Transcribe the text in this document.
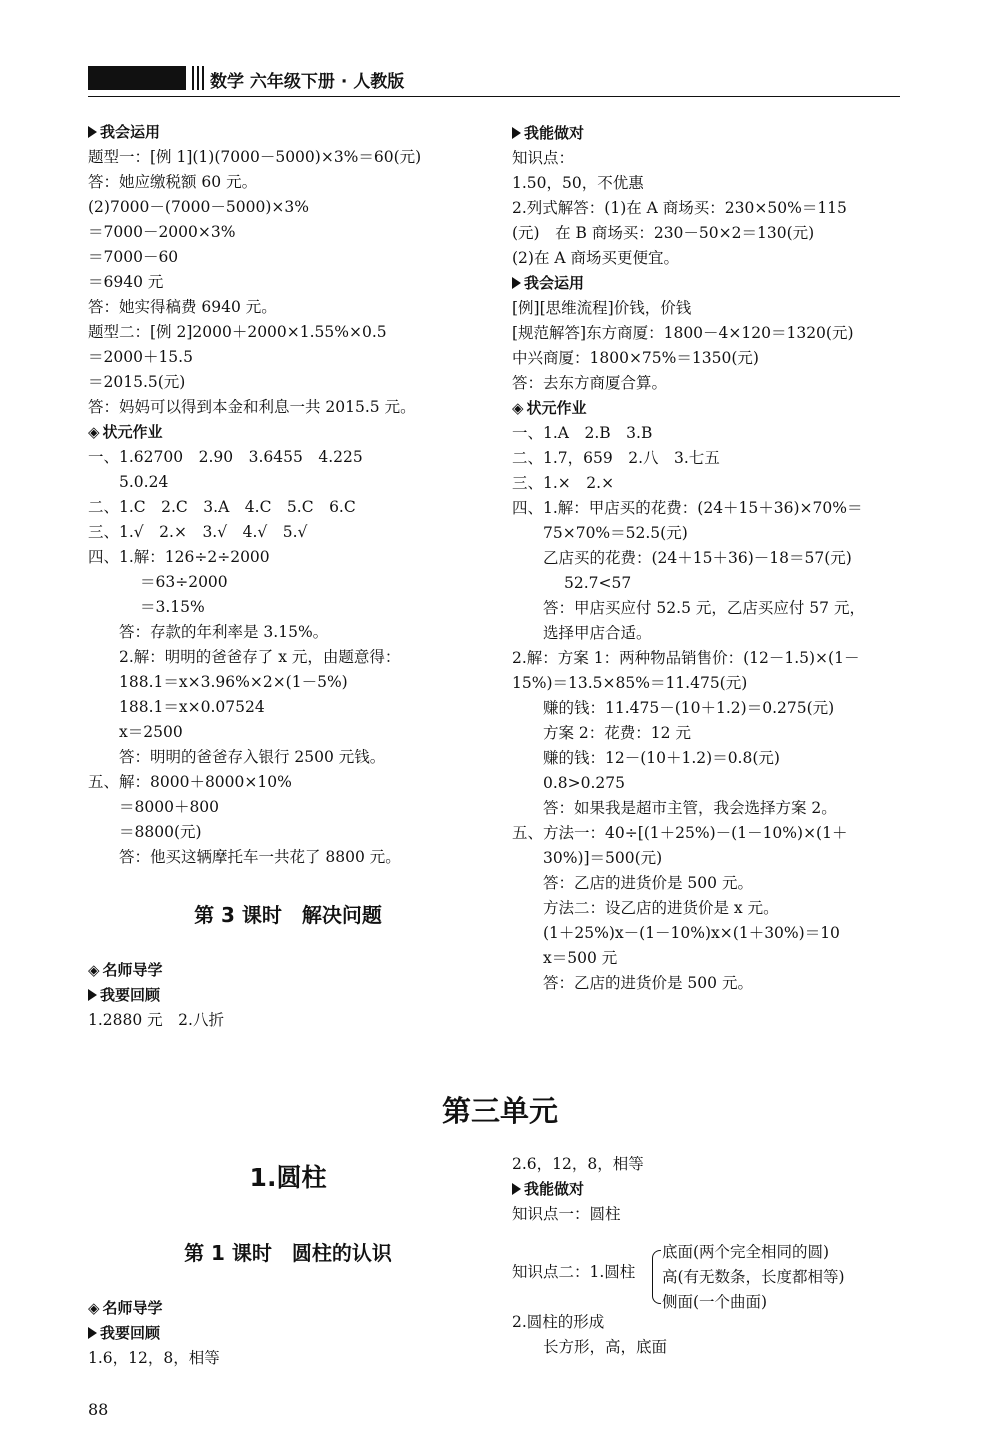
数学 六年级下册 · 人教版
我会运用
题型一：[例 1](1)(7000－5000)×3%＝60(元)
答：她应缴税额 60 元。
(2)7000－(7000－5000)×3%
＝7000－2000×3%
＝7000－60
＝6940 元
答：她实得稿费 6940 元。
题型二：[例 2]2000＋2000×1.55%×0.5
＝2000＋15.5
＝2015.5(元)
答：妈妈可以得到本金和利息一共 2015.5 元。
◈ 状元作业
一、1.62700　2.90　3.6455　4.225
5.0.24
二、1.C　2.C　3.A　4.C　5.C　6.C
三、1.√　2.×　3.√　4.√　5.√
四、1.解：126÷2÷2000
＝63÷2000
＝3.15%
答：存款的年利率是 3.15%。
2.解：明明的爸爸存了 x 元，由题意得：
188.1＝x×3.96%×2×(1－5%)
188.1＝x×0.07524
x＝2500
答：明明的爸爸存入银行 2500 元钱。
五、解：8000＋8000×10%
＝8000＋800
＝8800(元)
答：他买这辆摩托车一共花了 8800 元。
我能做对
知识点：
1.50，50，不优惠
2.列式解答：(1)在 A 商场买：230×50%＝115
(元)　在 B 商场买：230－50×2＝130(元)
(2)在 A 商场买更便宜。
我会运用
[例][思维流程]价钱，价钱
[规范解答]东方商厦：1800－4×120＝1320(元)
中兴商厦：1800×75%＝1350(元)
答：去东方商厦合算。
◈ 状元作业
一、1.A　2.B　3.B
二、1.7，659　2.八　3.七五
三、1.×　2.×
四、1.解：甲店买的花费：(24＋15＋36)×70%＝
75×70%＝52.5(元)
乙店买的花费：(24＋15＋36)－18＝57(元)
52.7<57
答：甲店买应付 52.5 元，乙店买应付 57 元，
选择甲店合适。
2.解：方案 1：两种物品销售价：(12－1.5)×(1－
15%)＝13.5×85%＝11.475(元)
赚的钱：11.475－(10＋1.2)＝0.275(元)
方案 2：花费：12 元
赚的钱：12－(10＋1.2)＝0.8(元)
0.8>0.275
答：如果我是超市主管，我会选择方案 2。
五、方法一：40÷[(1＋25%)－(1－10%)×(1＋
30%)]＝500(元)
答：乙店的进货价是 500 元。
方法二：设乙店的进货价是 x 元。
(1＋25%)x－(1－10%)x×(1＋30%)＝10
x＝500 元
答：乙店的进货价是 500 元。
第 3 课时　解决问题
◈ 名师导学
我要回顾
1.2880 元　2.八折
第三单元
1.圆柱
第 1 课时　圆柱的认识
◈ 名师导学
我要回顾
1.6，12，8，相等
2.6，12，8，相等
我能做对
知识点一：圆柱
知识点二：1.圆柱
底面(两个完全相同的圆)
高(有无数条，长度都相等)
侧面(一个曲面)
2.圆柱的形成
长方形，高，底面
88
